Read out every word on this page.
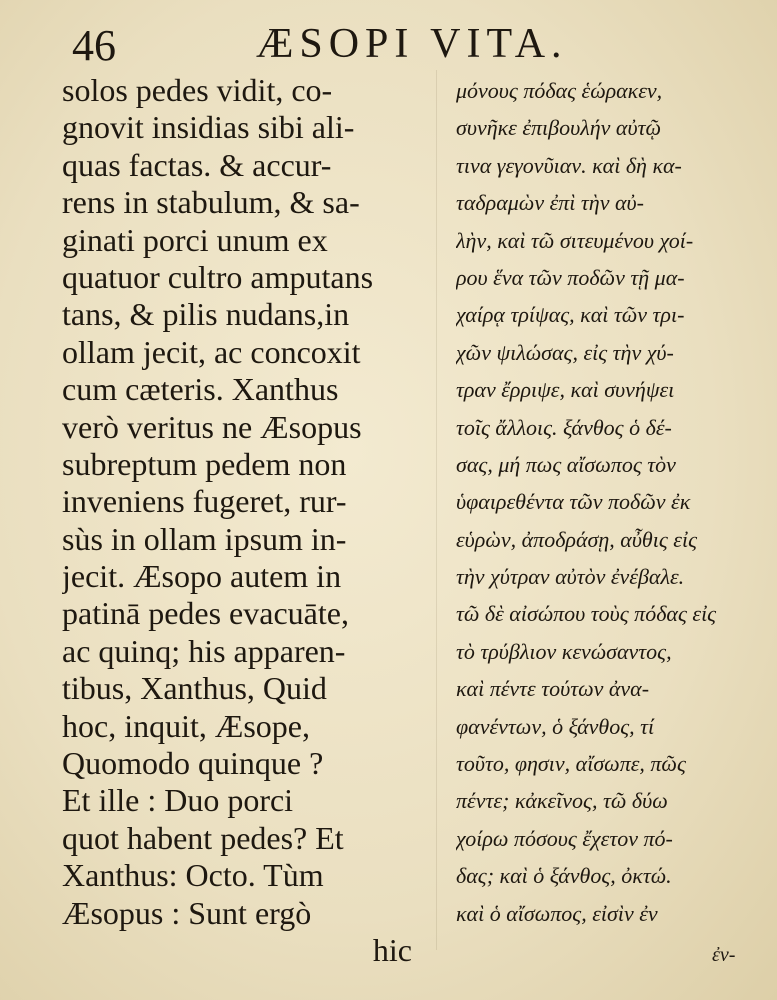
46	ÆSOPI VITA.
solos pedes vidit, co-
gnovit insidias sibi ali-
quas factas. & accur-
rens in stabulum, & sa-
ginati porci unum ex
quatuor cultro amputans
tans, & pilis nudans,in
ollam jecit, ac concoxit
cum cæteris. Xanthus
verò veritus ne Æsopus
subreptum pedem non
inveniens fugeret, rur-
sùs in ollam ipsum in-
jecit. Æsopo autem in
patinā pedes evacuāte,
ac quinq; his apparen-
tibus, Xanthus, Quid
hoc, inquit, Æsope,
Quomodo quinque ?
Et ille : Duo porci
quot habent pedes? Et
Xanthus: Octo. Tùm
Æsopus : Sunt ergò
hic
μόνους πόδας ἑώρακεν,
συνῆκε ἐπιβουλήν αὐτῷ
τινα γεγονῦιαν. καὶ δὴ κα-
ταδραμὼν ἐπὶ τὴν αὐ-
λὴν, καὶ τῶ σιτευμένου χοί-
ρου ἕνα τῶν ποδῶν τῇ μα-
χαίρᾳ τρίψας, καὶ τῶν τρι-
χῶν ψιλώσας, εἰς τὴν χύ-
τραν ἔρριψε, καὶ συνήψει
τοῖς ἄλλοις. ξάνθος ὁ δέ-
σας, μή πως αἴσωπος τὸν
ὑφαιρεθέντα τῶν ποδῶν ἐκ
εὑρὼν, ἀποδράσῃ, αὖθις εἰς
τὴν χύτραν αὐτὸν ἐνέβαλε.
τῶ δὲ αἰσώπου τοὺς πόδας εἰς
τὸ τρύβλιον κενώσαντος,
καὶ πέντε τούτων ἀνα-
φανέντων, ὁ ξάνθος, τί
τοῦτο, φησιν, αἴσωπε, πῶς
πέντε; κἀκεῖνος, τῶ δύω
χοίρω πόσους ἔχετον πό-
δας; καὶ ὁ ξάνθος, ὀκτώ.
καὶ ὁ αἴσωπος, εἰσὶν ἐν
ἐν-
